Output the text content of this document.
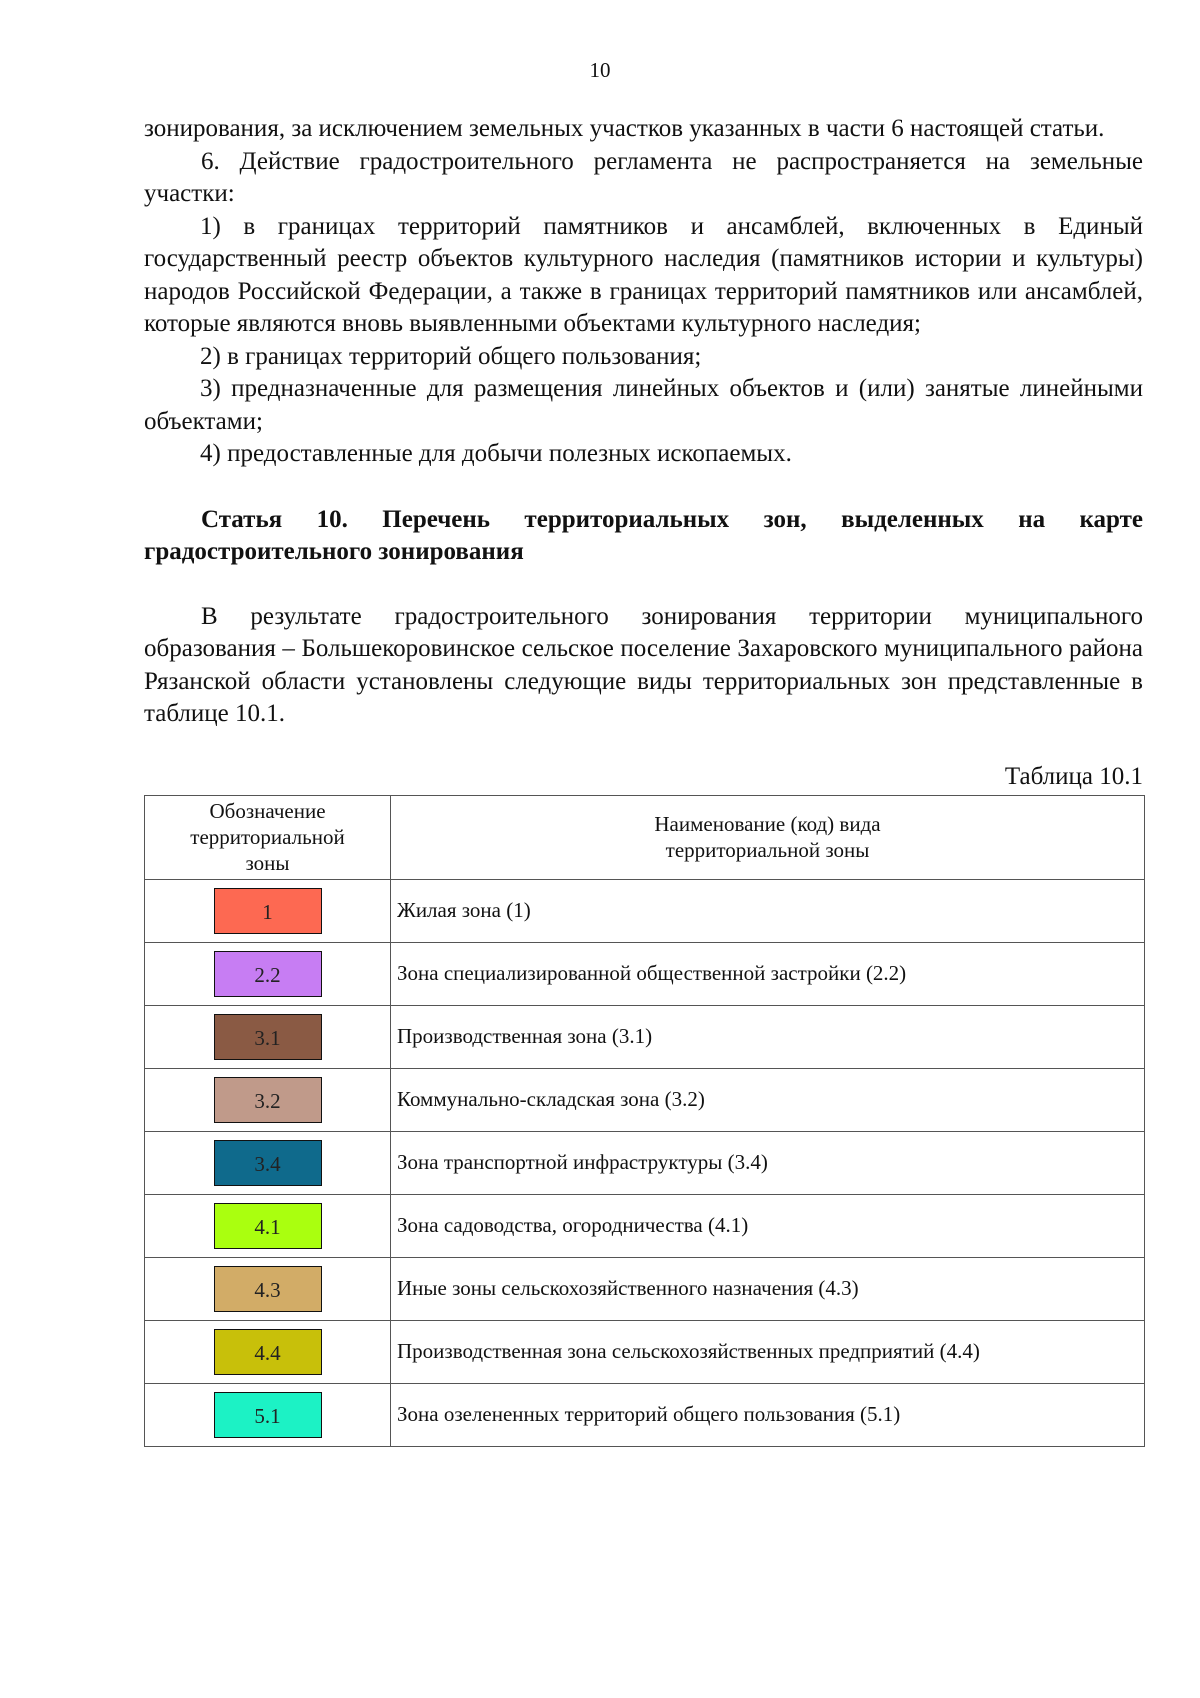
10

зонирования, за исключением земельных участков указанных в части 6 настоящей статьи.

6. Действие градостроительного регламента не распространяется на земельные участки:

1) в границах территорий памятников и ансамблей, включенных в Единый государственный реестр объектов культурного наследия (памятников истории и культуры) народов Российской Федерации, а также в границах территорий памятников или ансамблей, которые являются вновь выявленными объектами культурного наследия;

2) в границах территорий общего пользования;

3) предназначенные для размещения линейных объектов и (или) занятые линейными объектами;

4) предоставленные для добычи полезных ископаемых.

Статья 10. Перечень территориальных зон, выделенных на карте градостроительного зонирования

В результате градостроительного зонирования территории муниципального образования – Большекоровинское сельское поселение Захаровского муниципального района Рязанской области установлены следующие виды территориальных зон представленные в таблице 10.1.

Таблица 10.1
Обозначение
территориальной
зоны	Наименование (код) вида
территориальной зоны
1	Жилая зона (1)
2.2	Зона специализированной общественной застройки (2.2)
3.1	Производственная зона (3.1)
3.2	Коммунально-складская зона (3.2)
3.4	Зона транспортной инфраструктуры (3.4)
4.1	Зона садоводства, огородничества (4.1)
4.3	Иные зоны сельскохозяйственного назначения (4.3)
4.4	Производственная зона сельскохозяйственных предприятий (4.4)
5.1	Зона озелененных территорий общего пользования (5.1)
